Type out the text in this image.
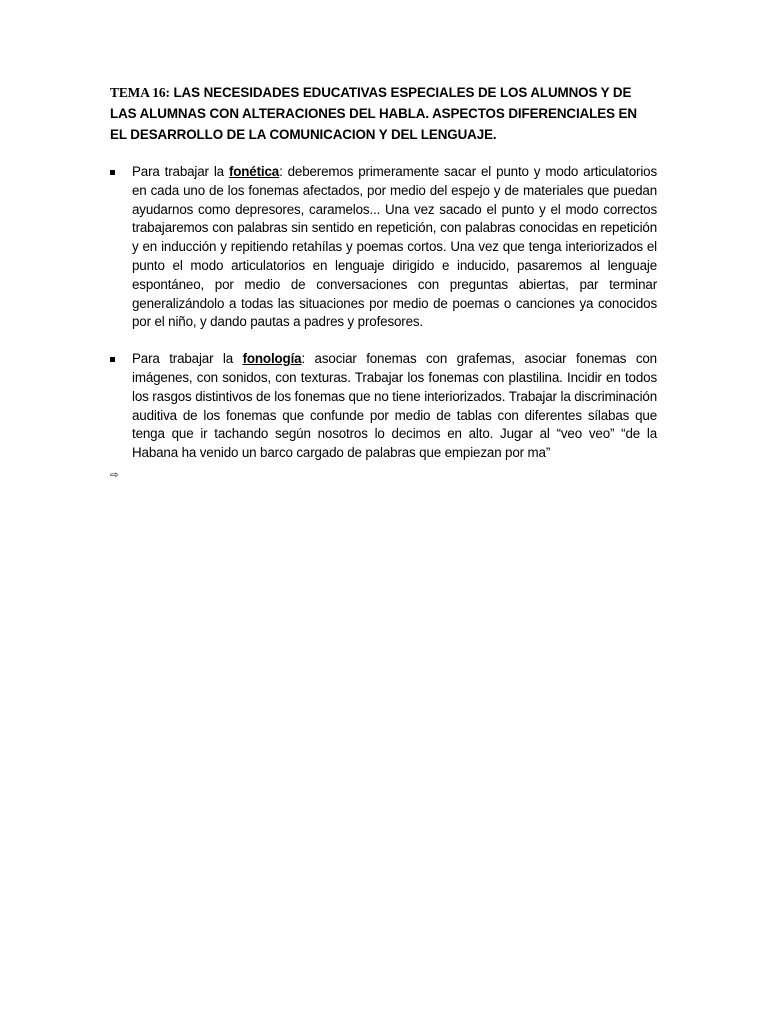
TEMA 16: LAS NECESIDADES EDUCATIVAS ESPECIALES DE LOS ALUMNOS Y DE LAS ALUMNAS CON ALTERACIONES DEL HABLA. ASPECTOS DIFERENCIALES EN EL DESARROLLO DE LA COMUNICACION Y DEL LENGUAJE.

Para trabajar la fonética: deberemos primeramente sacar el punto y modo articulatorios en cada uno de los fonemas afectados, por medio del espejo y de materiales que puedan ayudarnos como depresores, caramelos... Una vez sacado el punto y el modo correctos trabajaremos con palabras sin sentido en repetición, con palabras conocidas en repetición y en inducción y repitiendo retahílas y poemas cortos. Una vez que tenga interiorizados el punto el modo articulatorios en lenguaje dirigido e inducido, pasaremos al lenguaje espontáneo, por medio de conversaciones con preguntas abiertas, par terminar generalizándolo a todas las situaciones por medio de poemas o canciones ya conocidos por el niño, y dando pautas a padres y profesores.
Para trabajar la fonología: asociar fonemas con grafemas, asociar fonemas con imágenes, con sonidos, con texturas. Trabajar los fonemas con plastilina. Incidir en todos los rasgos distintivos de los fonemas que no tiene interiorizados. Trabajar la discriminación auditiva de los fonemas que confunde por medio de tablas con diferentes sílabas que tenga que ir tachando según nosotros lo decimos en alto. Jugar al “veo veo” “de la Habana ha venido un barco cargado de palabras que empiezan por ma”
⇨
